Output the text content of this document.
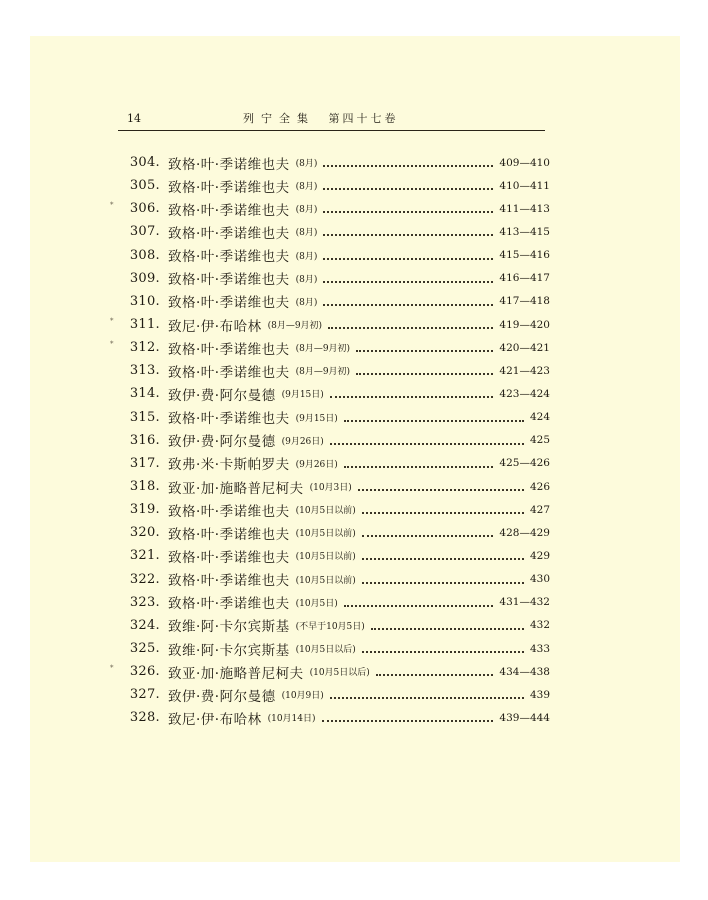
14	列宁全集 第四十七卷
304. 致格·叶·季诺维也夫 (8月)	409—410
305. 致格·叶·季诺维也夫 (8月)	410—411
*	306. 致格·叶·季诺维也夫 (8月)	411—413
307. 致格·叶·季诺维也夫 (8月)	413—415
308. 致格·叶·季诺维也夫 (8月)	415—416
309. 致格·叶·季诺维也夫 (8月)	416—417
310. 致格·叶·季诺维也夫 (8月)	417—418
*	311. 致尼·伊·布哈林 (8月—9月初)	419—420
*	312. 致格·叶·季诺维也夫 (8月—9月初)	420—421
313. 致格·叶·季诺维也夫 (8月—9月初)	421—423
314. 致伊·费·阿尔曼德 (9月15日)	423—424
315. 致格·叶·季诺维也夫 (9月15日)	424
316. 致伊·费·阿尔曼德 (9月26日)	425
317. 致弗·米·卡斯帕罗夫 (9月26日)	425—426
318. 致亚·加·施略普尼柯夫 (10月3日)	426
319. 致格·叶·季诺维也夫 (10月5日以前)	427
320. 致格·叶·季诺维也夫 (10月5日以前)	428—429
321. 致格·叶·季诺维也夫 (10月5日以前)	429
322. 致格·叶·季诺维也夫 (10月5日以前)	430
323. 致格·叶·季诺维也夫 (10月5日)	431—432
324. 致维·阿·卡尔宾斯基 (不早于10月5日)	432
325. 致维·阿·卡尔宾斯基 (10月5日以后)	433
*	326. 致亚·加·施略普尼柯夫 (10月5日以后)	434—438
327. 致伊·费·阿尔曼德 (10月9日)	439
328. 致尼·伊·布哈林 (10月14日)	439—444
